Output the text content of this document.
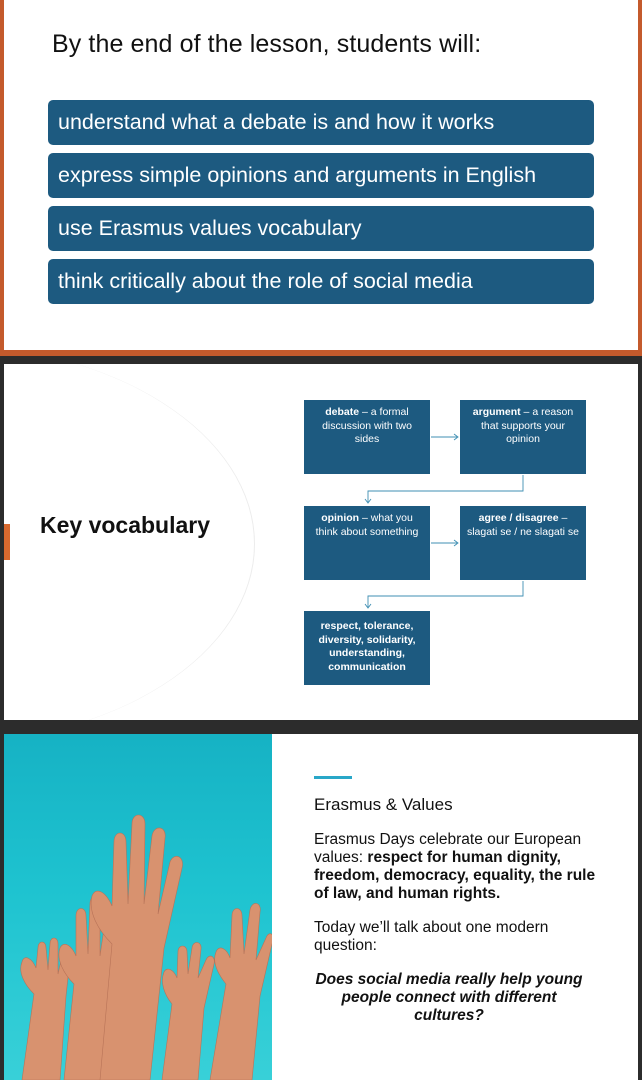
By the end of the lesson, students will:
understand what a debate is and how it works
express simple opinions and arguments in English
use Erasmus values vocabulary
think critically about the role of social media
Key vocabulary
debate – a formal discussion with two sides
argument – a reason that supports your opinion
opinion – what you think about something
agree / disagree – slagati se / ne slagati se
respect, tolerance, diversity, solidarity, understanding, communication
Erasmus & Values
Erasmus Days celebrate our European values: respect for human dignity, freedom, democracy, equality, the rule of law, and human rights.
Today we’ll talk about one modern question:
Does social media really help young people connect with different cultures?
